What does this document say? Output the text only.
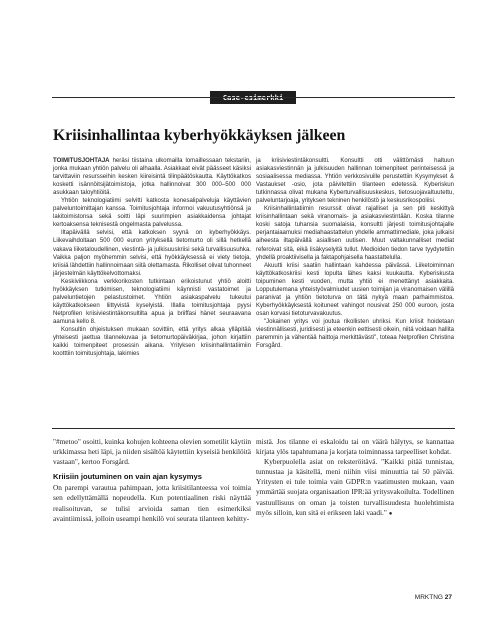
Kriisinhallintaa kyberhyökkäyksen jälkeen

TOIMITUSJOHTAJA heräsi tiistaina ulkomailla lomaillessaan tekstariin, jonka mukaan yhtiön palvelu oli alhaalla. Asiakkaat eivät päässeet käsiksi tarvittaviin resursseihin kesken kiireisintä tilinpäätöskautta. Käyttökatkos kosketti isännöitsijätoimistoja, jotka hallinnoivat 300 000–500 000 asukkaan taloyhtiöitä.

Yhtiön teknologiatiimi selvitti katkosta konesalipalveluja käyttävien palveluntoimittajan kanssa. Toimitusjohtaja informoi vakuutusyhtiönsä ja lakitoimistonsa sekä soitti läpi suurimpien asiakkaidensa johtajat kertoaksensa teknisestä ongelmasta palvelussa.

Iltapäivällä selvisi, että katkoksen syynä on kyberhyökkäys. Liikevaihdoltaan 500 000 euron yrityksellä tietomurto oli sillä hetkellä vakava liiketaloudellinen, viestintä- ja julkisuuskriisi sekä turvallisuusuhka. Vaikka paljon myöhemmin selvisi, että hyökkäyksessä ei viety tietoja, kriisiä lähdettiin hallinnoimaan siitä olettamasta. Rikolliset olivat tuhonneet järjestelmän käyttökelvottomaksi.

Keskiviikkona verkkorikosten tutkintaan erikoistunut yhtiö aloitti hyökkäyksen tutkimisen, teknologiatiimi käynnisti vastatoimet ja palveluntietojen pelastustoimet. Yhtiön asiakaspalvelu tukeutui käyttökatkokseen liittyvistä kyselyistä. Illalla toimitusjohtaja pyysi Netprofilen kriisiviestintäkonsultilta apua ja briiffasi hänet seuraavana aamuna kello 8.

Konsultin ohjeistuksen mukaan sovittiin, että yritys alkaa ylläpitää yhteisesti jaettua tilannekuvaa ja tietomurtopäiväkirjaa, johon kirjattiin kaikki toimenpiteet prosessin aikana. Yrityksen kriisinhallintatiimiin kootttiin toimitusjohtaja, lakimies

ja kriisiviestintäkonsultti. Konsultti otti välittömästi haltuun asiakasviestinnän ja julkisuuden hallinnan toimenpiteet perinteisessä ja sosiaalisessa mediassa. Yhtiön verkkosivuille perustettiin Kysymykset & Vastaukset -osio, jota päivitettiin tilanteen edetessä. Kyberiskun tutkinnassa olivat mukana Kyberturvallisuuskeskus, tietosuojavaltuutettu, palveluntarjoaja, yrityksen tekninen henkilöstö ja keskusrikospoliisi.

Kriisinhallintatiimin resurssit olivat rajalliset ja sen piti keskittyä kriisinhallintaan sekä viranomais- ja asiakasviestintään. Koska tilanne koski satoja tuhansia suomalaisia, konsultti järjesti toimitusjohtajalle perjantaiaamuksi mediahaastattelun yhdelle ammattimediale, joka julkaisi aiheesta iltapäivällä asiallisen uutisen. Muut valtakunnalliset mediat referoivat sitä, eikä lisäkyselyitä tullut. Medioiden tiedon tarve tyydytettiin yhdellä proaktiivisella ja faktapohjaisella haastattelulla.

Akuutti kriisi saatiin hallintaan kahdessa päivässä. Liiketoiminnan käyttökatkoskriisi kesti lopulta lähes kaksi kuukautta. Kyberiskusta toipuminen kesti vuoden, mutta yhtiö ei menettänyt asiakkaita. Lopputulemana yhteistyövalmiudet uusien toimijan ja viranomaisen välillä paranivat ja yhtiön tietoturva on tätä nykyä maan parhaimmistoa. Kyberhyökkäyksestä koituneet vahingot nousivat 250 000 euroon, josta osan korvasi tietoturvavakuutus.

"Jokainen yritys voi joutua rikollisten uhriksi. Kun kriisit hoidetaan viestinnällisesti, juridisesti ja eteenkin eettisesti oikein, niitä voidaan hallita paremmin ja vähentää haittoja merkittävästi", toteaa Netprofilen Christina Forsgård.

"#metoo" osoitti, kuinka kohujen kohteena olevien sometilit käytiin urkkimassa heti läpi, ja niiden sisältöä käytettiin kyseisiä henkilöitä vastaan", kertoo Forsgård.

Kriisiin joutuminen on vain ajan kysymys

On parempi varautua pahimpaan, jotta kriisitilanteessa voi toimia sen edellyttämällä nopeudella. Kun potentiaalinen riski näyttää realisoituvan, se tulisi arvioida saman tien esimerkiksi avaintiimissä, jolloin useampi henkilö voi seurata tilanteen kehitty-

mistä. Jos tilanne ei eskaloidu tai on väärä hälytys, se kannattaa kirjata ylös tapahtumana ja korjata toiminnassa tarpeelliset kohdat.

Kyberpuolella asiat on reksteröitävä. "Kaikki pitää tunnistaa, tunnustaa ja käsitellä, meni niihin viisi minuuttia tai 50 päivää. Yritysten ei tule toimia vain GDPR:n vaatimusten mukaan, vaan ymmärtää suojata organisaation IPR:ää yritysvakoilulta. Todellinen vastuullisuus on oman ja toisten turvallisuudesta huolehtimista myös silloin, kun sitä ei erikseen laki vaadi." ●

MRKTNG 27
